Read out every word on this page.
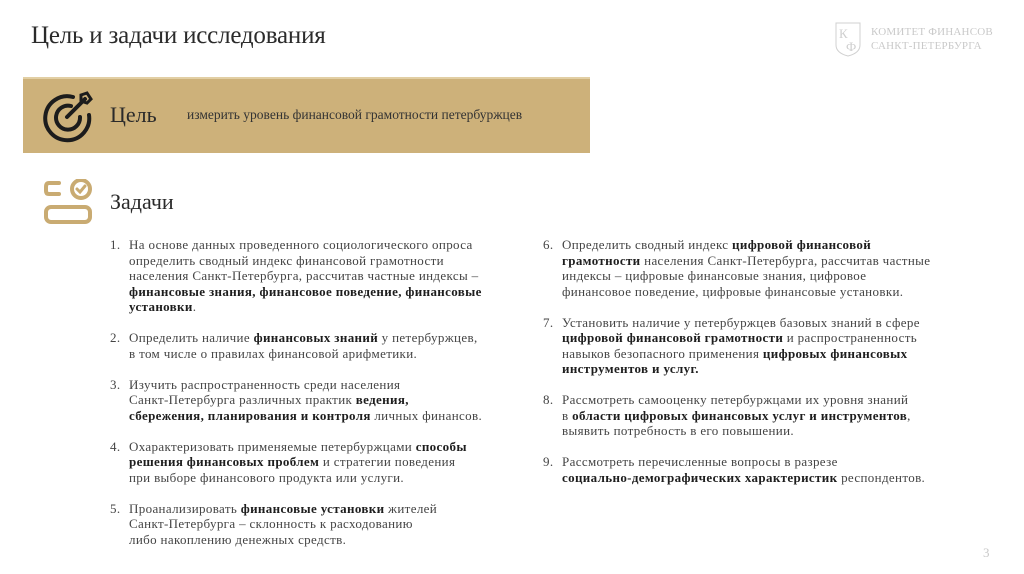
Цель и задачи исследования	К
Ф
КОМИТЕТ ФИНАНСОВ
САНКТ-ПЕТЕРБУРГА
Цель измерить уровень финансовой грамотности петербуржцев
Задачи
1. На основе данных проведенного социологического опроса
определить сводный индекс финансовой грамотности
населения Санкт-Петербурга, рассчитав частные индексы –
финансовые знания, финансовое поведение, финансовые
установки.
2. Определить наличие финансовых знаний у петербуржцев,
в том числе о правилах финансовой арифметики.
3. Изучить распространенность среди населения
Санкт-Петербурга различных практик ведения,
сбережения, планирования и контроля личных финансов.
4. Охарактеризовать применяемые петербуржцами способы
решения финансовых проблем и стратегии поведения
при выборе финансового продукта или услуги.
5. Проанализировать финансовые установки жителей
Санкт-Петербурга – склонность к расходованию
либо накоплению денежных средств.
6. Определить сводный индекс цифровой финансовой
грамотности населения Санкт-Петербурга, рассчитав частные
индексы – цифровые финансовые знания, цифровое
финансовое поведение, цифровые финансовые установки.
7. Установить наличие у петербуржцев базовых знаний в сфере
цифровой финансовой грамотности и распространенность
навыков безопасного применения цифровых финансовых
инструментов и услуг.
8. Рассмотреть самооценку петербуржцами их уровня знаний
в области цифровых финансовых услуг и инструментов,
выявить потребность в его повышении.
9. Рассмотреть перечисленные вопросы в разрезе
социально-демографических характеристик респондентов.
3
